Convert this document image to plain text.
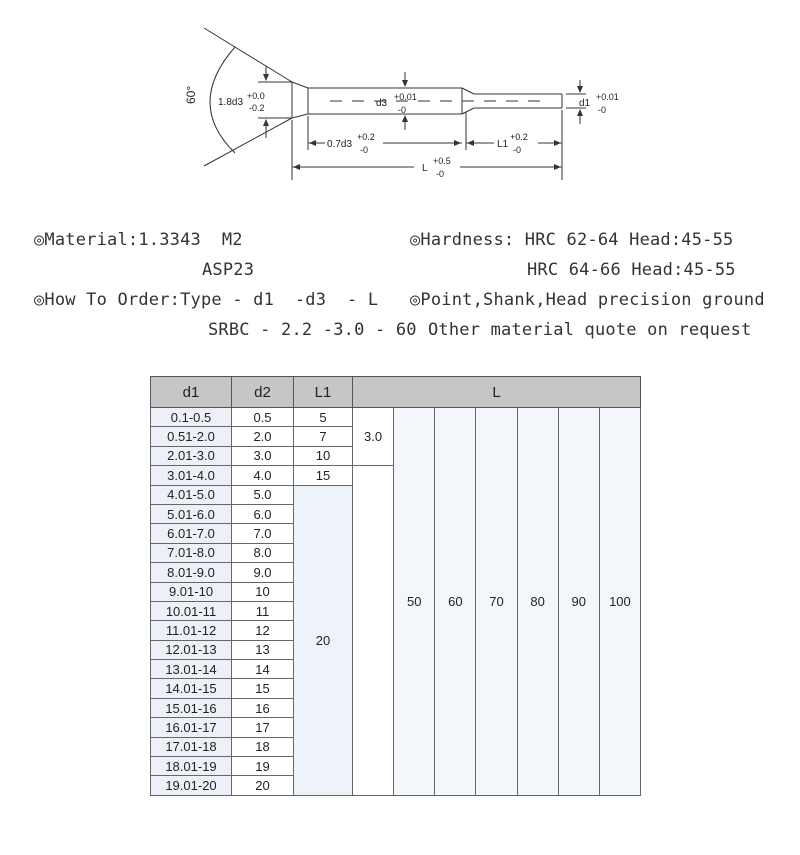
60° 1.8d3
+0.0
-0.2	d3
+0.01
-0
d1
+0.01
-0
0.7d3
+0.2
-0	L1
+0.2
-0
L
+0.5
-0
◎Material:1.3343  M2
ASP23
◎How To Order:Type - d1  -d3  - L
SRBC - 2.2 -3.0 - 60
◎Hardness: HRC 62-64 Head:45-55
HRC 64-66 Head:45-55
◎Point,Shank,Head precision ground
Other material quote on request
d1	d2	L1	L						
0.1-0.5	0.5	5	3.0	50	60	70	80	90	100
0.51-2.0	2.0	7							
2.01-3.0	3.0	10							
3.01-4.0	4.0	15							
4.01-5.0	5.0	20							
5.01-6.0	6.0								
6.01-7.0	7.0								
7.01-8.0	8.0								
8.01-9.0	9.0								
9.01-10	10								
10.01-11	11								
11.01-12	12								
12.01-13	13								
13.01-14	14								
14.01-15	15								
15.01-16	16								
16.01-17	17								
17.01-18	18								
18.01-19	19								
19.01-20	20								
